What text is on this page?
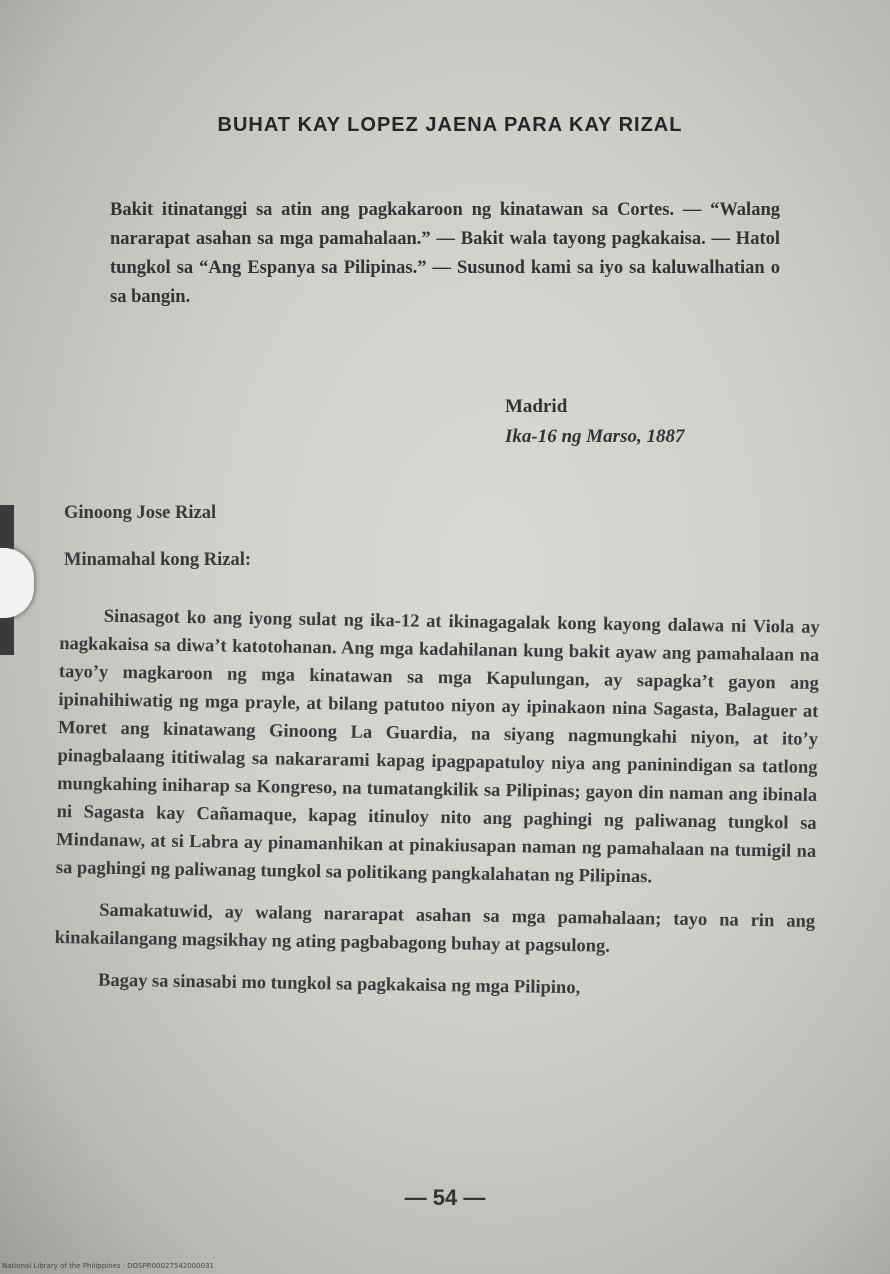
BUHAT KAY LOPEZ JAENA PARA KAY RIZAL
Bakit itinatanggi sa atin ang pagkakaroon ng kinatawan sa Cortes. — “Walang nararapat asahan sa mga pamahalaan.” — Bakit wala tayong pagkakaisa. — Hatol tungkol sa “Ang Espanya sa Pilipinas.” — Susunod kami sa iyo sa kaluwalhatian o sa bangin.
Madrid
Ika-16 ng Marso, 1887
Ginoong Jose Rizal
Minamahal kong Rizal:

Sinasagot ko ang iyong sulat ng ika-12 at ikinagagalak kong kayong dalawa ni Viola ay nagkakaisa sa diwa’t katotohanan. Ang mga kadahilanan kung bakit ayaw ang pamahalaan na tayo’y magkaroon ng mga kinatawan sa mga Kapulungan, ay sapagka’t gayon ang ipinahihiwatig ng mga prayle, at bilang patutoo niyon ay ipinakaon nina Sagasta, Balaguer at Moret ang kinatawang Ginoong La Guardia, na siyang nagmungkahi niyon, at ito’y pinagbalaang ititiwalag sa nakararami kapag ipagpapatuloy niya ang paninindigan sa tatlong mungkahing iniharap sa Kongreso, na tumatangkilik sa Pilipinas; gayon din naman ang ibinala ni Sagasta kay Cañamaque, kapag itinuloy nito ang paghingi ng paliwanag tungkol sa Mindanaw, at si Labra ay pinamanhikan at pinakiusapan naman ng pamahalaan na tumigil na sa paghingi ng paliwanag tungkol sa politikang pangkalahatan ng Pilipinas.

Samakatuwid, ay walang nararapat asahan sa mga pamahalaan; tayo na rin ang kinakailangang magsikhay ng ating pagbabagong buhay at pagsulong.

Bagay sa sinasabi mo tungkol sa pagkakaisa ng mga Pilipino,

— 54 —
National Library of the Philippines · DOSPR00027542000031
